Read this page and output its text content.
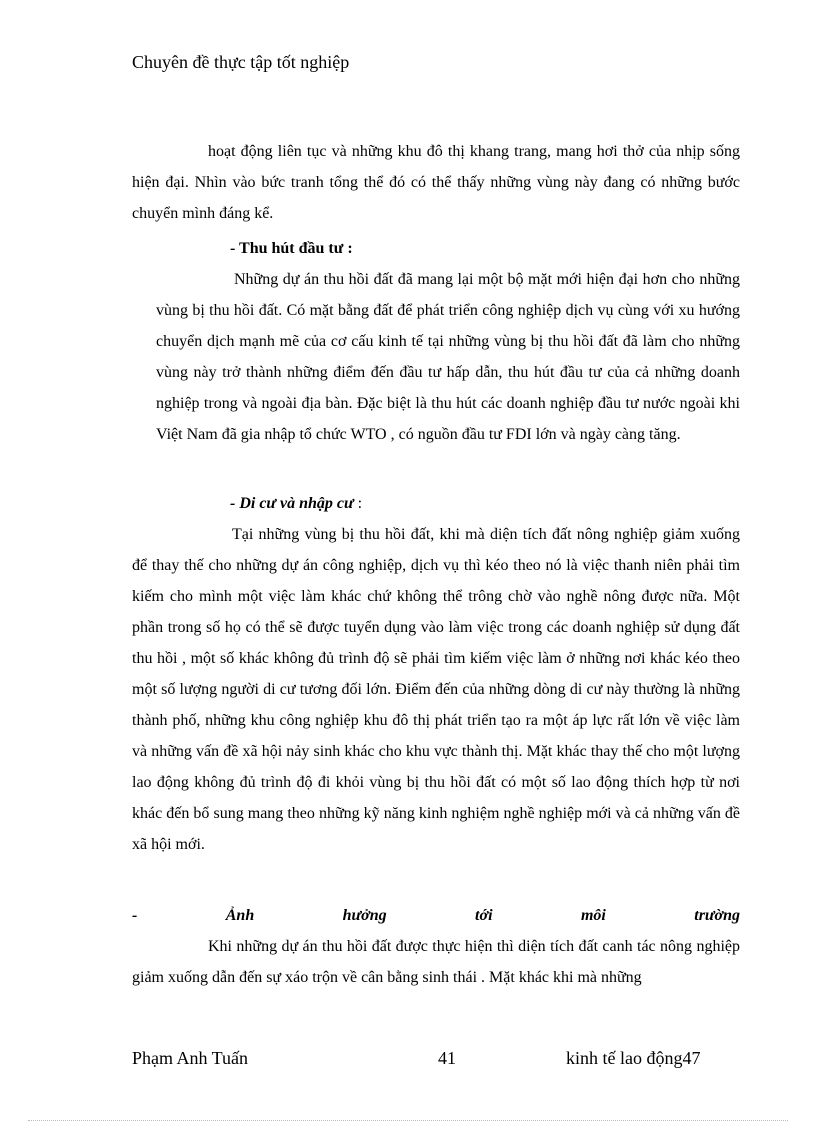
Chuyên đề thực tập tốt nghiệp
hoạt động liên tục và những khu đô thị khang trang, mang hơi thở của nhịp sống hiện đại. Nhìn vào bức tranh tổng thể đó có thể thấy những vùng này đang có những bước chuyển mình đáng kể.
- Thu hút đầu tư :
Những dự án thu hồi đất đã mang lại một bộ mặt mới hiện đại hơn cho những vùng bị thu hồi đất. Có mặt bằng đất để phát triển công nghiệp dịch vụ cùng với xu hướng chuyển dịch mạnh mẽ của cơ cấu kinh tế tại những vùng bị thu hồi đất đã làm cho những vùng này trở thành những điểm đến đầu tư hấp dẫn, thu hút đầu tư của cả những doanh nghiệp trong và ngoài địa bàn. Đặc biệt là thu hút các doanh nghiệp đầu tư nước ngoài khi Việt Nam đã gia nhập tổ chức WTO , có nguồn đầu tư FDI lớn và ngày càng tăng.
- Di cư và nhập cư :
Tại những vùng bị thu hồi đất, khi mà diện tích đất nông nghiệp giảm xuống để thay thế cho những dự án công nghiệp, dịch vụ thì kéo theo nó là việc thanh niên phải tìm kiếm cho mình một việc làm khác chứ không thể trông chờ vào nghề nông được nữa. Một phần trong số họ có thể sẽ được tuyển dụng vào làm việc trong các doanh nghiệp sử dụng đất thu hồi , một số khác không đủ trình độ sẽ phải tìm kiếm việc làm ở những nơi khác kéo theo một số lượng người di cư tương đối lớn. Điểm đến của những dòng di cư này thường là những thành phố, những khu công nghiệp khu đô thị phát triển tạo ra một áp lực rất lớn về việc làm và những vấn đề xã hội nảy sinh khác cho khu vực thành thị. Mặt khác thay thế cho một lượng lao động không đủ trình độ đi khỏi vùng bị thu hồi đất có một số lao động thích hợp từ nơi khác đến bổ sung mang theo những kỹ năng kinh nghiệm nghề nghiệp mới và cả những vấn đề xã hội mới.
- Ảnh hưởng tới môi trường
Khi những dự án thu hồi đất được thực hiện thì diện tích đất canh tác nông nghiệp giảm xuống dẫn đến sự xáo trộn về cân bằng sinh thái . Mặt khác khi mà những
Phạm Anh Tuấn	41	kinh tế lao động47
